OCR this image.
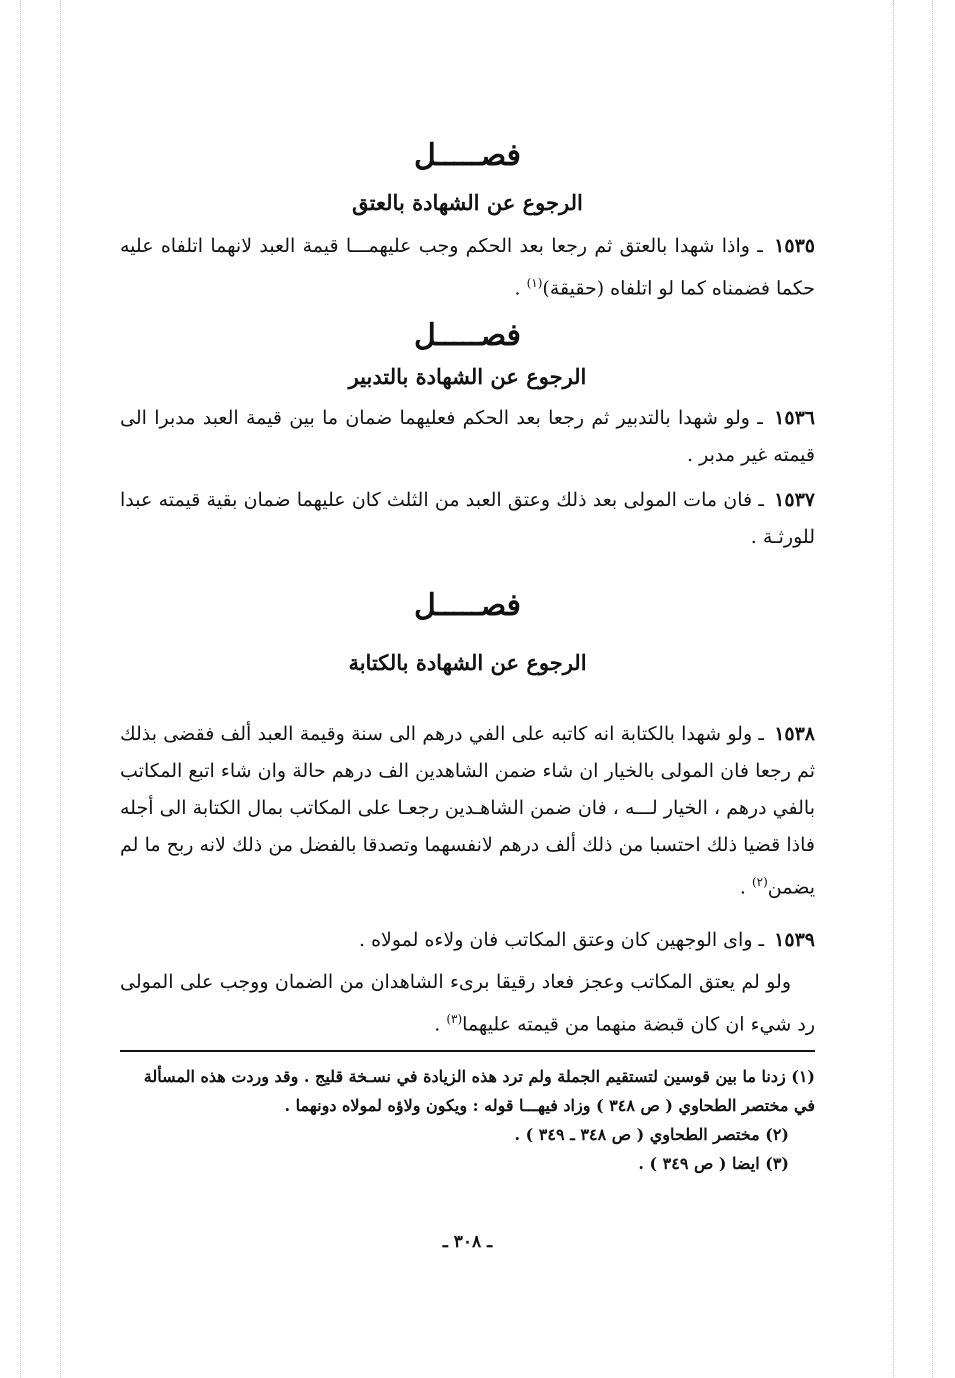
فصـــــل
الرجوع عن الشهادة بالعتق

١٥٣٥ ـ واذا شهدا بالعتق ثم رجعا بعد الحكم وجب عليهمـــا قيمة العبد لانهما اتلفاه عليه حكما فضمناه كما لو اتلفاه (حقيقة)$^{(١)}$ .

فصـــــل
الرجوع عن الشهادة بالتدبير

١٥٣٦ ـ ولو شهدا بالتدبير ثم رجعا بعد الحكم فعليهما ضمان ما بين قيمة العبد مدبرا الى قيمته غير مدبر .

١٥٣٧ ـ فان مات المولى بعد ذلك وعتق العبد من الثلث كان عليهما ضمان بقية قيمته عبدا للورثـة .

فصـــــل
الرجوع عن الشهادة بالكتابة

١٥٣٨ ـ ولو شهدا بالكتابة انه كاتبه على الفي درهم الى سنة وقيمة العبد ألف فقضى بذلك ثم رجعا فان المولى بالخيار ان شاء ضمن الشاهدين الف درهم حالة وان شاء اتبع المكاتب بالفي درهم ، الخيار لـــه ، فان ضمن الشاهـدين رجعـا على المكاتب بمال الكتابة الى أجله فاذا قضيا ذلك احتسبا من ذلك ألف درهم لانفسهما وتصدقا بالفضل من ذلك لانه ربح ما لم يضمن$^{(٢)}$ .

١٥٣٩ ـ واى الوجهين كان وعتق المكاتب فان ولاءه لمولاه .

ولو لم يعتق المكاتب وعجز فعاد رقيقا برىء الشاهدان من الضمان ووجب على المولى رد شيء ان كان قبضة منهما من قيمته عليهما$^{(٣)}$ .

(١) زدنا ما بين قوسين لتستقيم الجملة ولم ترد هذه الزيادة في نسـخة قليج . وقد وردت هذه المسألة في مختصر الطحاوي ( ص ٣٤٨ ) وزاد فيهـــا قوله : ويكون ولاؤه لمولاه دونهما .

(٢) مختصر الطحاوي ( ص ٣٤٨ ـ ٣٤٩ ) .

(٣) ايضا ( ص ٣٤٩ ) .

ـ ٣٠٨ ـ
